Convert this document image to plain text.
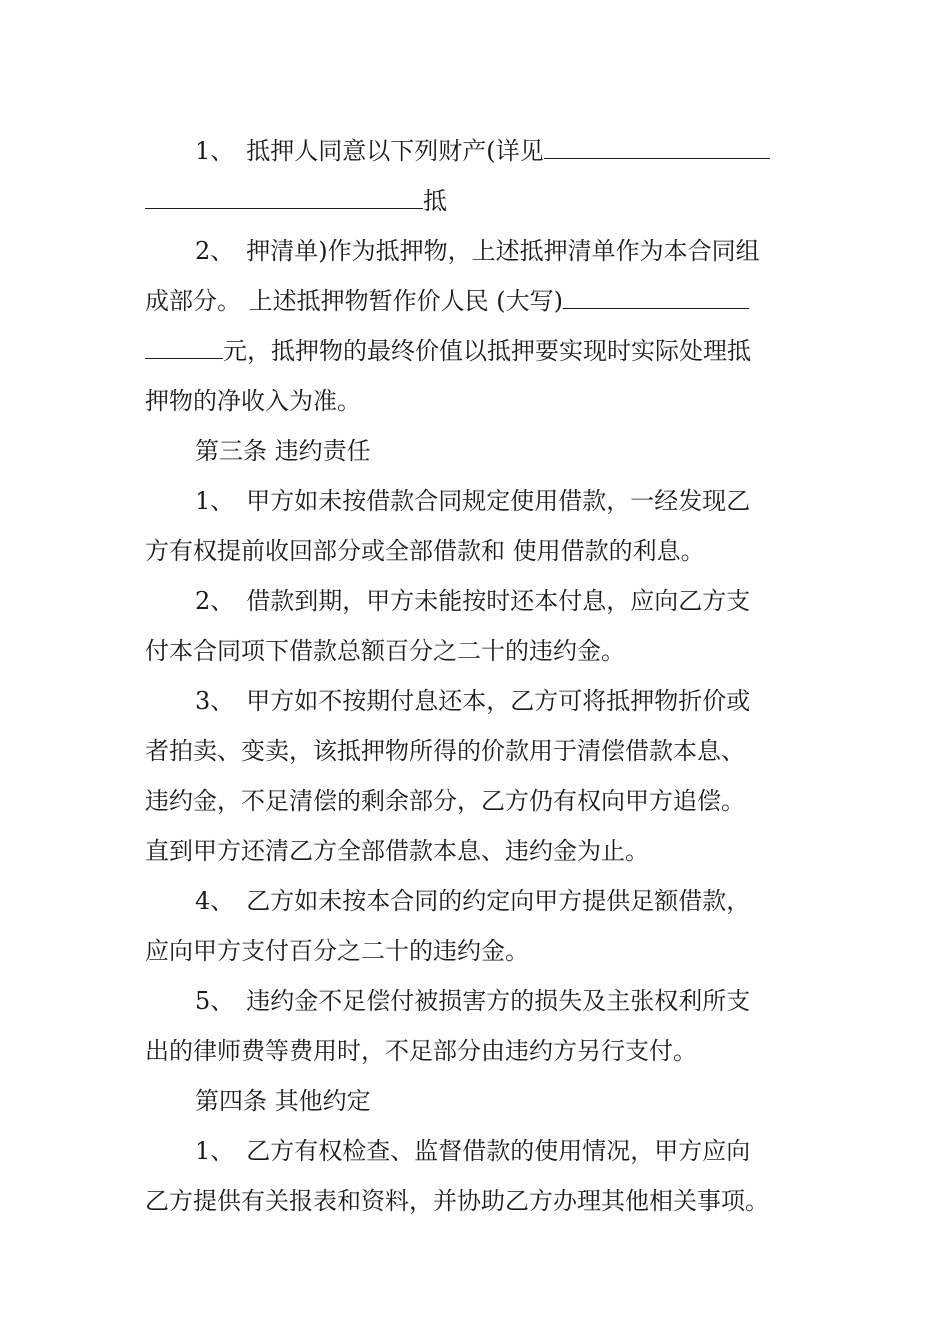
1、 抵押人同意以下列财产(详见
抵
2、 押清单)作为抵押物，上述抵押清单作为本合同组
成部分。 上述抵押物暂作价人民 (大写)
元，抵押物的最终价值以抵押要实现时实际处理抵
押物的净收入为准。
第三条 违约责任
1、 甲方如未按借款合同规定使用借款，一经发现乙
方有权提前收回部分或全部借款和 使用借款的利息。
2、 借款到期，甲方未能按时还本付息，应向乙方支
付本合同项下借款总额百分之二十的违约金。
3、 甲方如不按期付息还本，乙方可将抵押物折价或
者拍卖、变卖，该抵押物所得的价款用于清偿借款本息、
违约金，不足清偿的剩余部分，乙方仍有权向甲方追偿。
直到甲方还清乙方全部借款本息、违约金为止。
4、 乙方如未按本合同的约定向甲方提供足额借款，
应向甲方支付百分之二十的违约金。
5、 违约金不足偿付被损害方的损失及主张权利所支
出的律师费等费用时，不足部分由违约方另行支付。
第四条 其他约定
1、 乙方有权检查、监督借款的使用情况，甲方应向
乙方提供有关报表和资料，并协助乙方办理其他相关事项。
